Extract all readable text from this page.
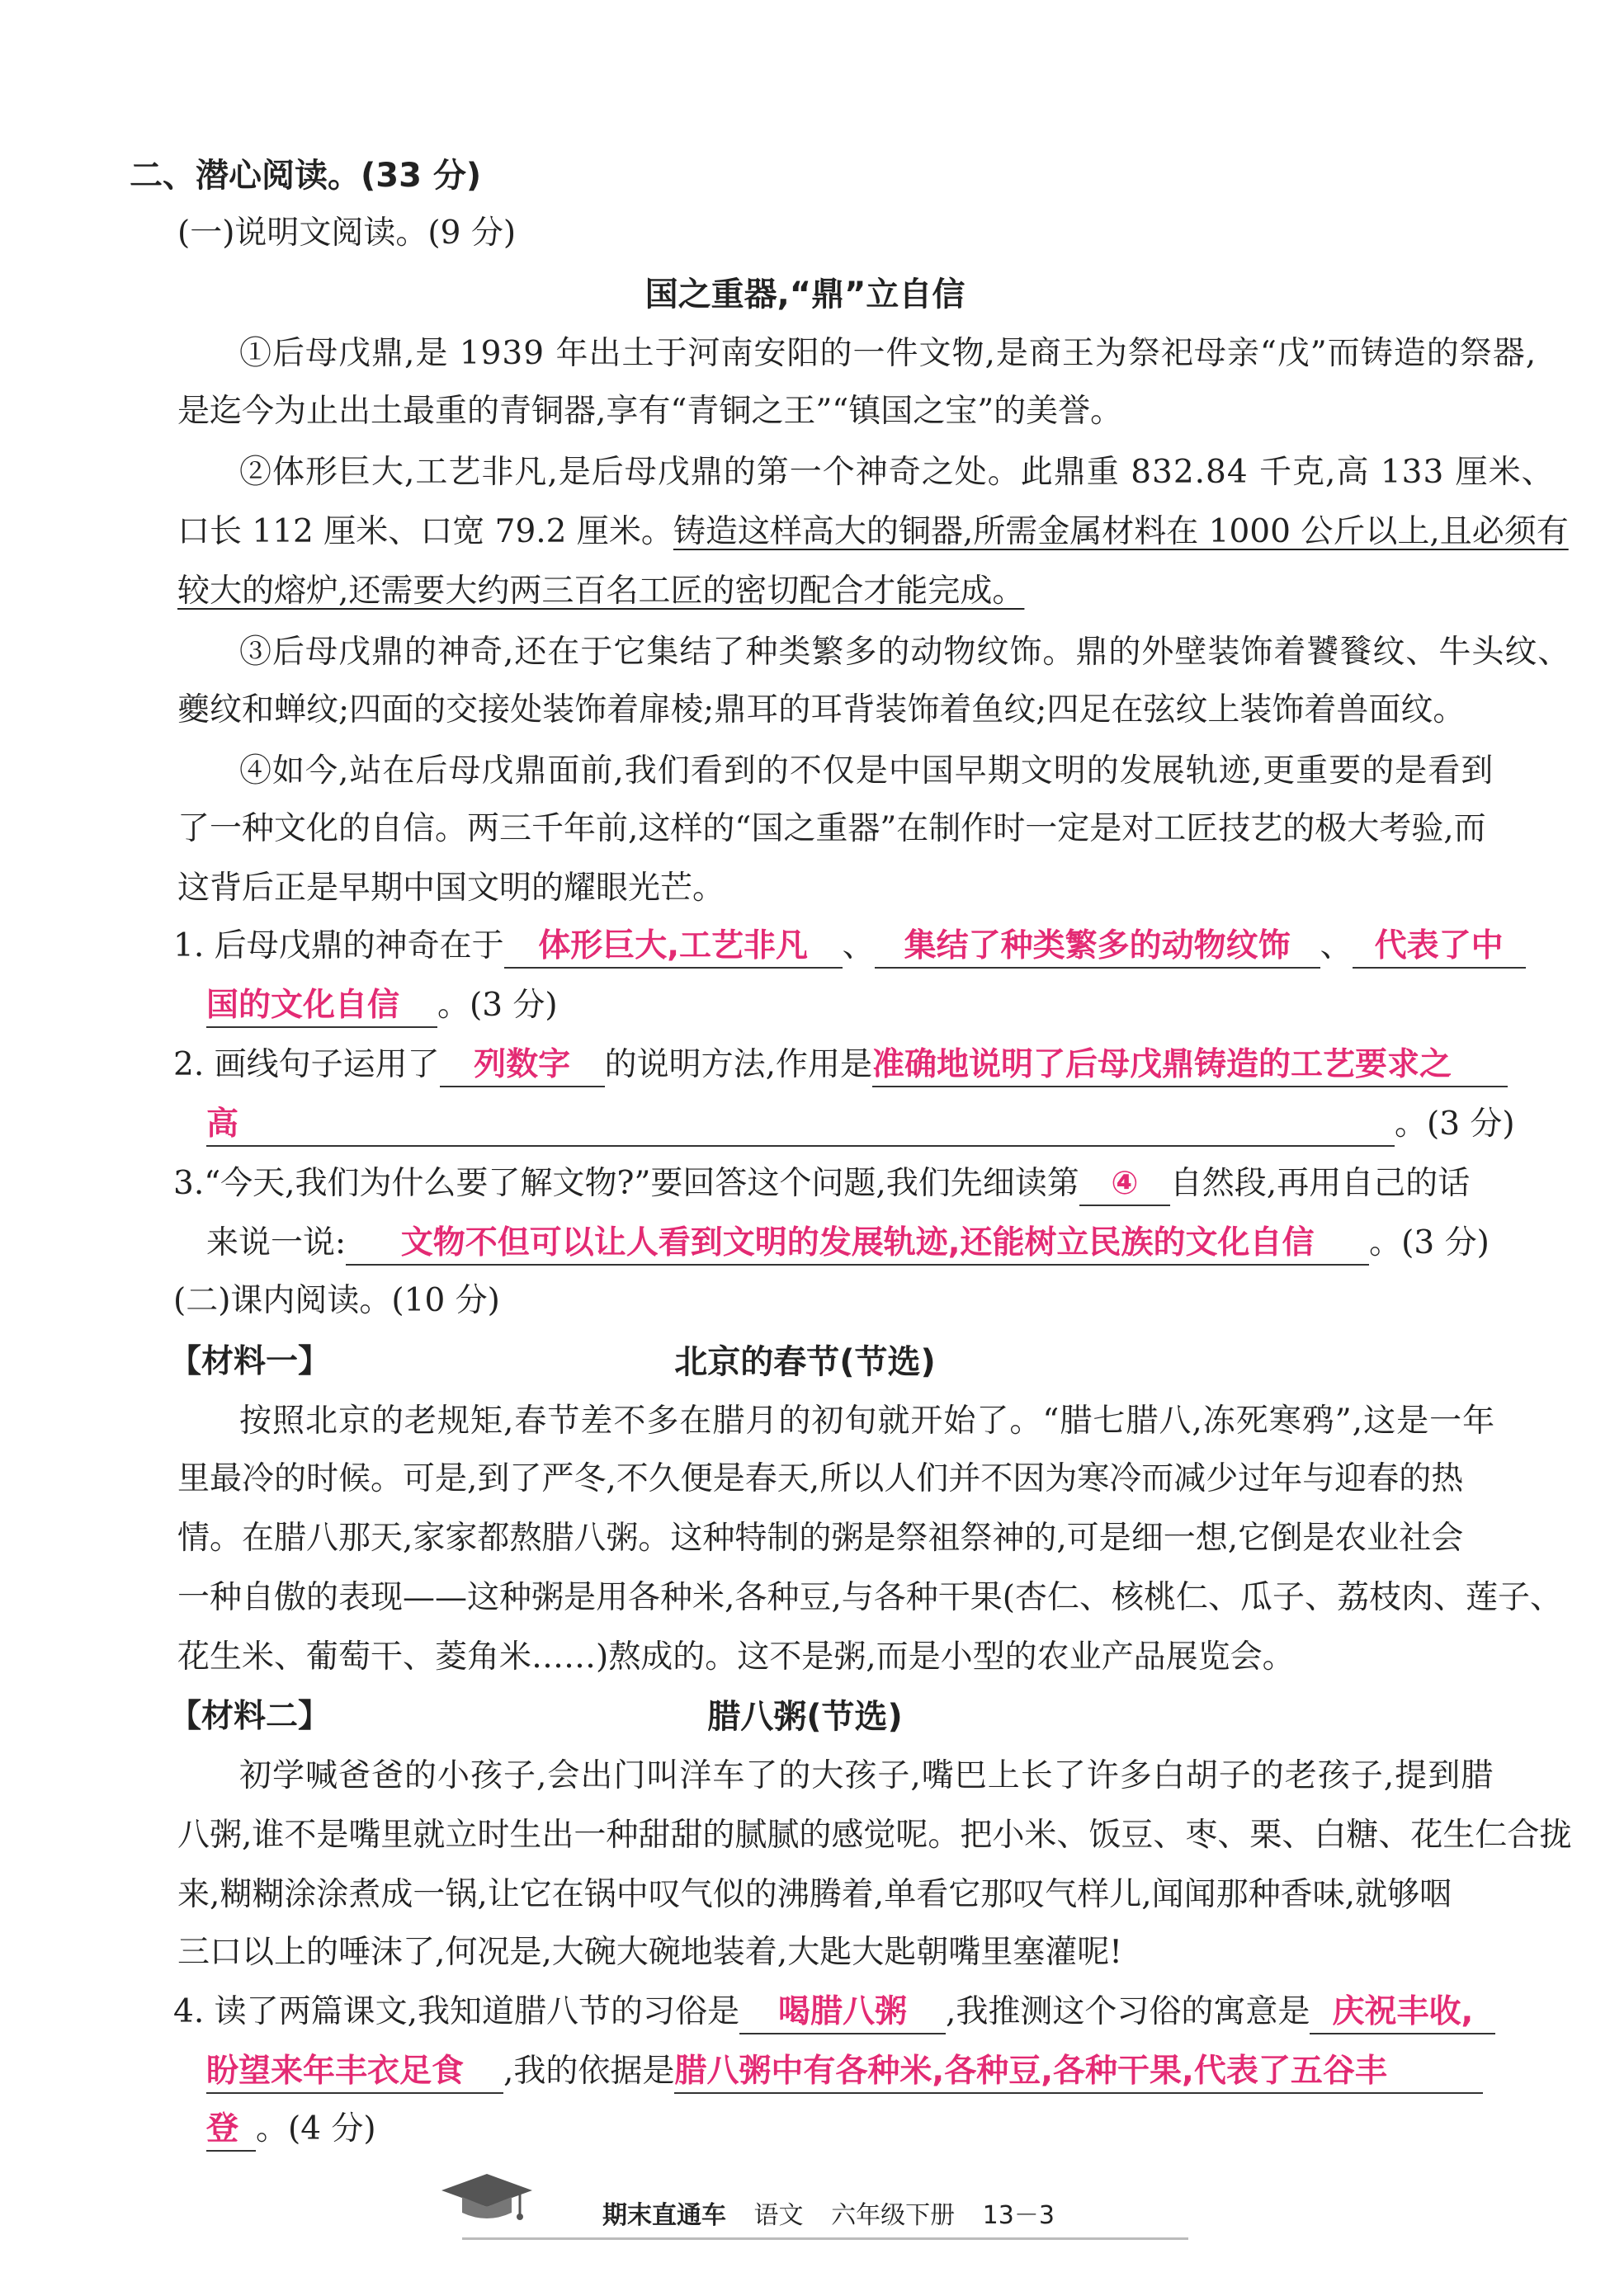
二、潜心阅读。(33 分)
(一)说明文阅读。(9 分)
国之重器,“鼎”立自信
①后母戊鼎,是 1939 年出土于河南安阳的一件文物,是商王为祭祀母亲“戊”而铸造的祭器,
是迄今为止出土最重的青铜器,享有“青铜之王”“镇国之宝”的美誉。
②体形巨大,工艺非凡,是后母戊鼎的第一个神奇之处。此鼎重 832.84 千克,高 133 厘米、
口长 112 厘米、口宽 79.2 厘米。铸造这样高大的铜器,所需金属材料在 1000 公斤以上,且必须有
较大的熔炉,还需要大约两三百名工匠的密切配合才能完成。
③后母戊鼎的神奇,还在于它集结了种类繁多的动物纹饰。鼎的外壁装饰着饕餮纹、牛头纹、
夔纹和蝉纹;四面的交接处装饰着扉棱;鼎耳的耳背装饰着鱼纹;四足在弦纹上装饰着兽面纹。
④如今,站在后母戊鼎面前,我们看到的不仅是中国早期文明的发展轨迹,更重要的是看到
了一种文化的自信。两三千年前,这样的“国之重器”在制作时一定是对工匠技艺的极大考验,而
这背后正是早期中国文明的耀眼光芒。
1. 后母戊鼎的神奇在于 体形巨大,工艺非凡 、 集结了种类繁多的动物纹饰 、 代表了中
国的文化自信 。(3 分)
2. 画线句子运用了 列数字 的说明方法,作用是准确地说明了后母戊鼎铸造的工艺要求之
高	。(3 分)
3.“今天,我们为什么要了解文物?”要回答这个问题,我们先细读第 ④ 自然段,再用自己的话
来说一说: 文物不但可以让人看到文明的发展轨迹,还能树立民族的文化自信 。(3 分)
(二)课内阅读。(10 分)
【材料一】	北京的春节(节选)
按照北京的老规矩,春节差不多在腊月的初旬就开始了。“腊七腊八,冻死寒鸦”,这是一年
里最冷的时候。可是,到了严冬,不久便是春天,所以人们并不因为寒冷而减少过年与迎春的热
情。在腊八那天,家家都熬腊八粥。这种特制的粥是祭祖祭神的,可是细一想,它倒是农业社会
一种自傲的表现——这种粥是用各种米,各种豆,与各种干果(杏仁、核桃仁、瓜子、荔枝肉、莲子、
花生米、葡萄干、菱角米……)熬成的。这不是粥,而是小型的农业产品展览会。
【材料二】	腊八粥(节选)
初学喊爸爸的小孩子,会出门叫洋车了的大孩子,嘴巴上长了许多白胡子的老孩子,提到腊
八粥,谁不是嘴里就立时生出一种甜甜的腻腻的感觉呢。把小米、饭豆、枣、栗、白糖、花生仁合拢
来,糊糊涂涂煮成一锅,让它在锅中叹气似的沸腾着,单看它那叹气样儿,闻闻那种香味,就够咽
三口以上的唾沫了,何况是,大碗大碗地装着,大匙大匙朝嘴里塞灌呢!
4. 读了两篇课文,我知道腊八节的习俗是 喝腊八粥 ,我推测这个习俗的寓意是 庆祝丰收,
盼望来年丰衣足食 ,我的依据是腊八粥中有各种米,各种豆,各种干果,代表了五谷丰
登 。(4 分)
期末直通车 语文 六年级下册 13－3
